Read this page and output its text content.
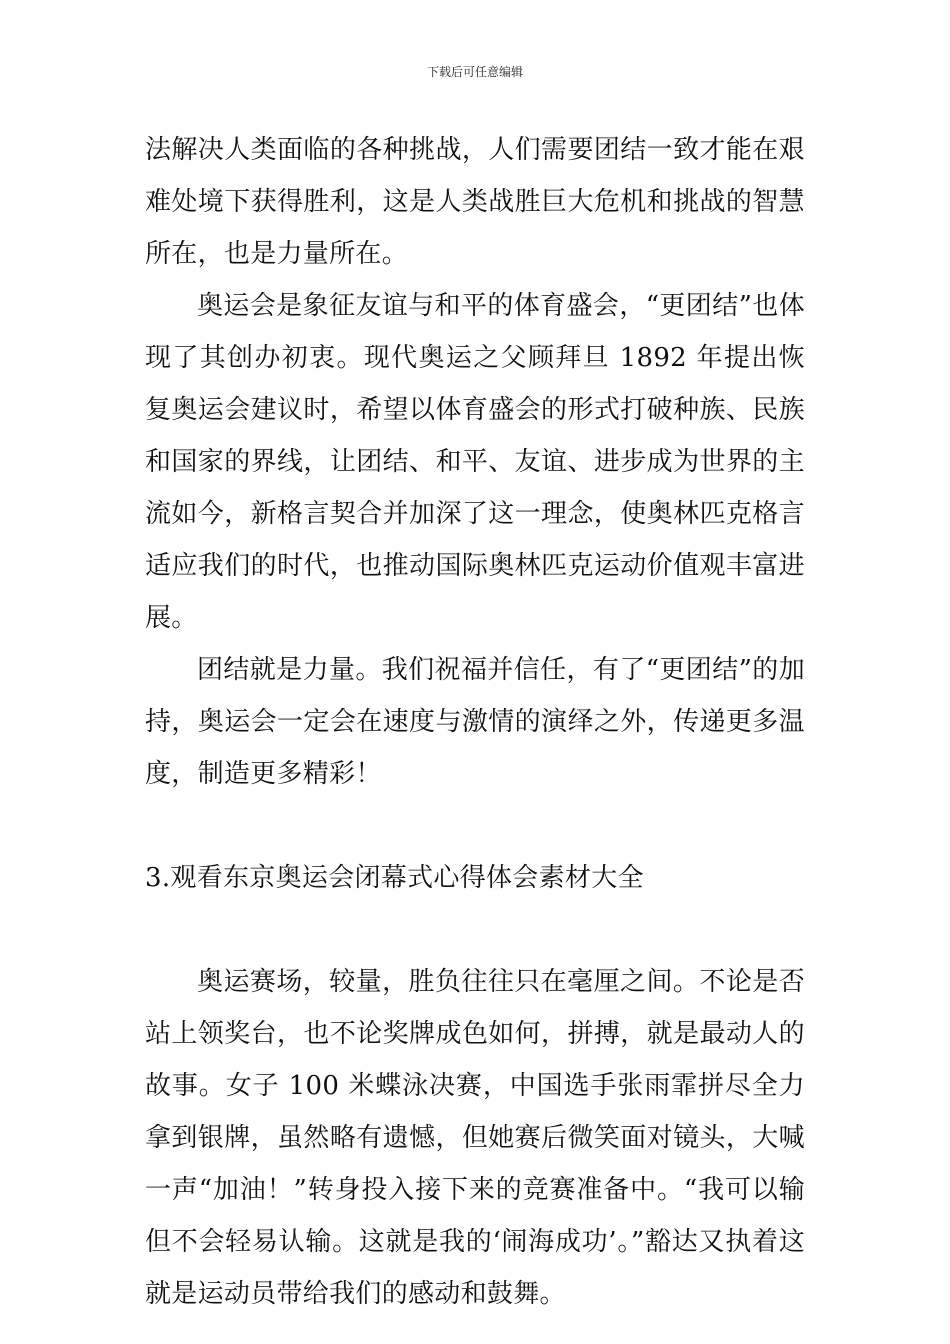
下载后可任意编辑

法解决人类面临的各种挑战，人们需要团结一致才能在艰难处境下获得胜利，这是人类战胜巨大危机和挑战的智慧所在，也是力量所在。

奥运会是象征友谊与和平的体育盛会，“更团结”也体现了其创办初衷。现代奥运之父顾拜旦 1892 年提出恢复奥运会建议时，希望以体育盛会的形式打破种族、民族和国家的界线，让团结、和平、友谊、进步成为世界的主流如今，新格言契合并加深了这一理念，使奥林匹克格言适应我们的时代，也推动国际奥林匹克运动价值观丰富进展。

团结就是力量。我们祝福并信任，有了“更团结”的加持，奥运会一定会在速度与激情的演绎之外，传递更多温度，制造更多精彩！

3.观看东京奥运会闭幕式心得体会素材大全

奥运赛场，较量，胜负往往只在毫厘之间。不论是否站上领奖台，也不论奖牌成色如何，拼搏，就是最动人的故事。女子 100 米蝶泳决赛，中国选手张雨霏拼尽全力拿到银牌，虽然略有遗憾，但她赛后微笑面对镜头，大喊一声“加油！”转身投入接下来的竞赛准备中。“我可以输但不会轻易认输。这就是我的‘闹海成功’。”豁达又执着这就是运动员带给我们的感动和鼓舞。
